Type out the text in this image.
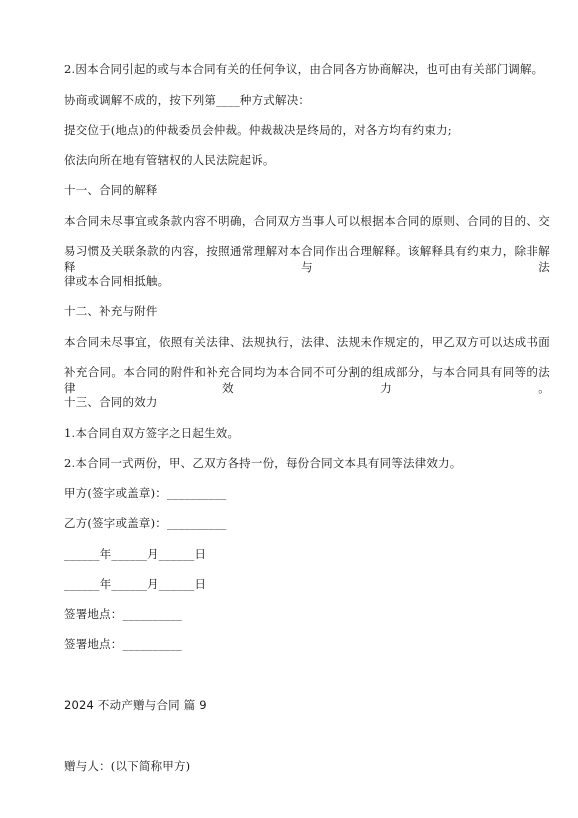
2.因本合同引起的或与本合同有关的任何争议，由合同各方协商解决，也可由有关部门调解。
协商或调解不成的，按下列第____种方式解决：
提交位于(地点)的仲裁委员会仲裁。仲裁裁决是终局的，对各方均有约束力;
依法向所在地有管辖权的人民法院起诉。
十一、合同的解释
本合同未尽事宜或条款内容不明确，合同双方当事人可以根据本合同的原则、合同的目的、交
易习惯及关联条款的内容，按照通常理解对本合同作出合理解释。该解释具有约束力，除非解释与法
律或本合同相抵触。
十二、补充与附件
本合同未尽事宜，依照有关法律、法规执行，法律、法规未作规定的，甲乙双方可以达成书面
补充合同。本合同的附件和补充合同均为本合同不可分割的组成部分，与本合同具有同等的法律效力。
十三、合同的效力
1.本合同自双方签字之日起生效。
2.本合同一式两份，甲、乙双方各持一份，每份合同文本具有同等法律效力。
甲方(签字或盖章)：__________
乙方(签字或盖章)：__________
______年______月______日
______年______月______日
签署地点：__________
签署地点：__________
2024 不动产赠与合同 篇 9
赠与人：(以下简称甲方)
